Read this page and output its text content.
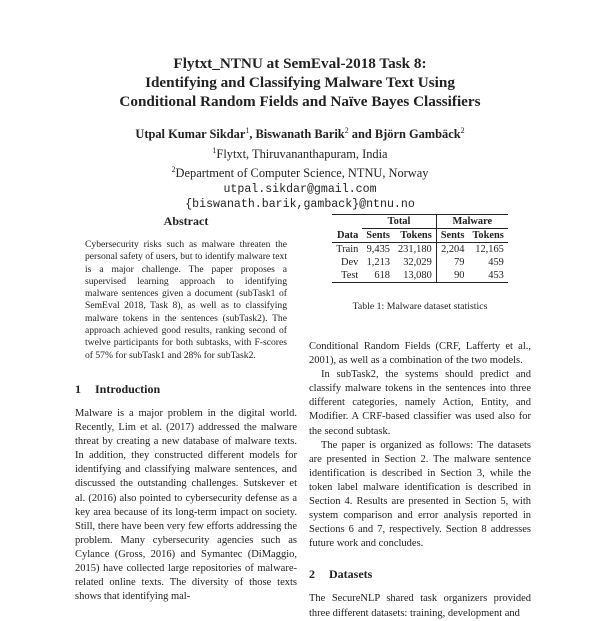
Flytxt_NTNU at SemEval-2018 Task 8:
Identifying and Classifying Malware Text Using
Conditional Random Fields and Naïve Bayes Classifiers
Utpal Kumar Sikdar$^1$, Biswanath Barik$^2$ and Björn Gambäck$^2$
$^1$Flytxt, Thiruvananthapuram, India
$^2$Department of Computer Science, NTNU, Norway
utpal.sikdar@gmail.com
{biswanath.barik,gamback}@ntnu.no
Abstract

Cybersecurity risks such as malware threaten the personal safety of users, but to identify malware text is a major challenge. The paper proposes a supervised learning approach to identifying malware sentences given a document (subTask1 of SemEval 2018, Task 8), as well as to classifying malware tokens in the sentences (subTask2). The approach achieved good results, ranking second of twelve participants for both subtasks, with F-scores of 57% for subTask1 and 28% for subTask2.

1 Introduction

Malware is a major problem in the digital world. Recently, Lim et al. (2017) addressed the malware threat by creating a new database of malware texts. In addition, they constructed different models for identifying and classifying malware sentences, and discussed the outstanding challenges. Sutskever et al. (2016) also pointed to cybersecurity defense as a key area because of its long-term impact on society. Still, there have been very few efforts addressing the problem. Many cybersecurity agencies such as Cylance (Gross, 2016) and Symantec (DiMaggio, 2015) have collected large repositories of malware-related online texts. The diversity of those texts shows that identifying mal-

	Total		Malware	
Data	Sents	Tokens	Sents	Tokens
Train	9,435	231,180	2,204	12,165
Dev	1,213	32,029	79	459
Test	618	13,080	90	453
Table 1: Malware dataset statistics

Conditional Random Fields (CRF, Lafferty et al., 2001), as well as a combination of the two models.

In subTask2, the systems should predict and classify malware tokens in the sentences into three different categories, namely Action, Entity, and Modifier. A CRF-based classifier was used also for the second subtask.

The paper is organized as follows: The datasets are presented in Section 2. The malware sentence identification is described in Section 3, while the token label malware identification is described in Section 4. Results are presented in Section 5, with system comparison and error analysis reported in Sections 6 and 7, respectively. Section 8 addresses future work and concludes.

2 Datasets

The SecureNLP shared task organizers provided three different datasets: training, development and
